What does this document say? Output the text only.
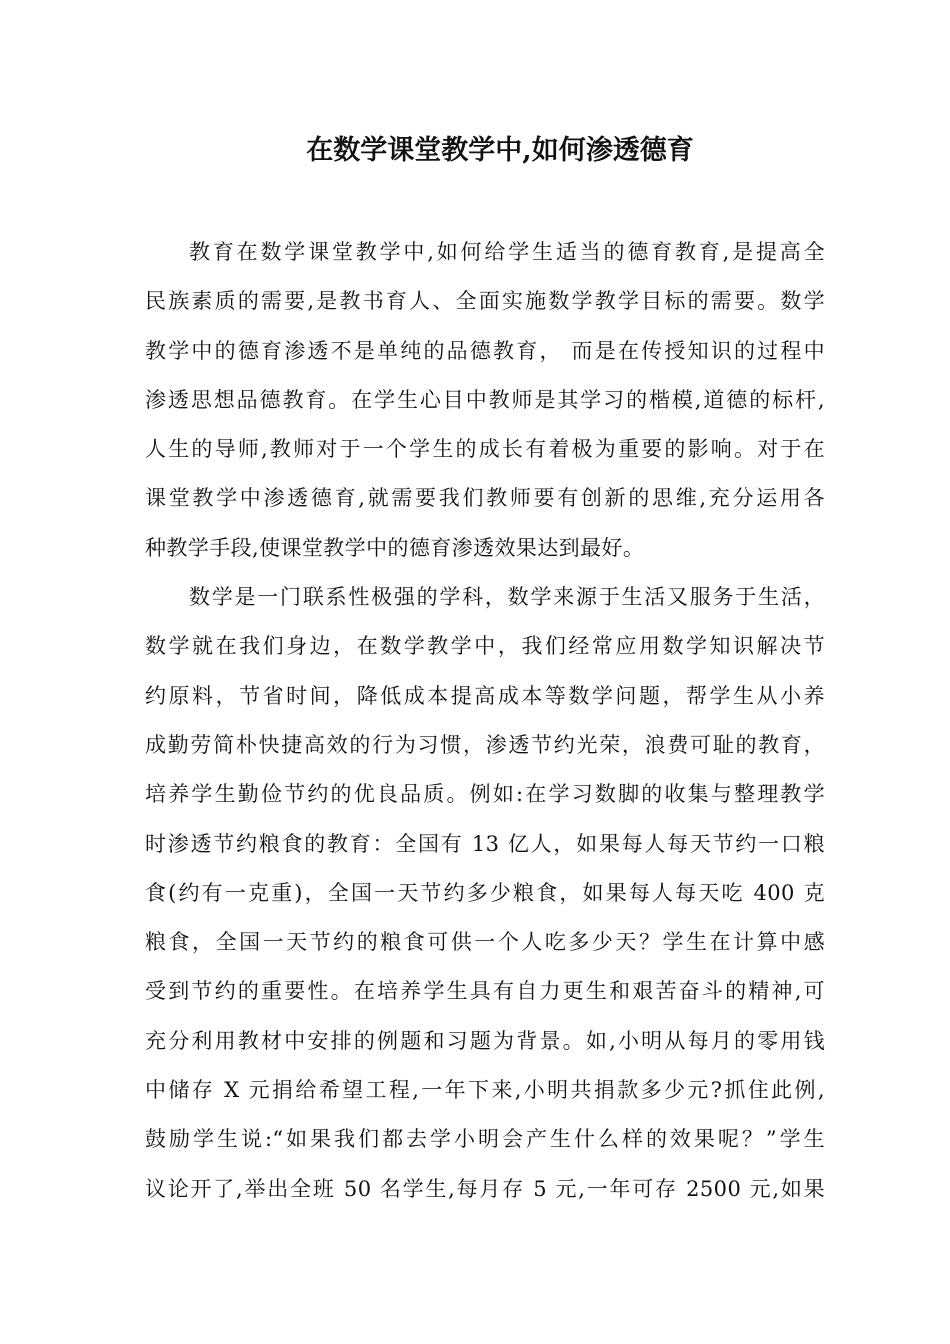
在数学课堂教学中,如何渗透德育
教育在数学课堂教学中,如何给学生适当的德育教育,是提高全
民族素质的需要,是教书育人、全面实施数学教学目标的需要。数学
教学中的德育渗透不是单纯的品德教育， 而是在传授知识的过程中
渗透思想品德教育。在学生心目中教师是其学习的楷模,道德的标杆,
人生的导师,教师对于一个学生的成长有着极为重要的影响。对于在
课堂教学中渗透德育,就需要我们教师要有创新的思维,充分运用各
种教学手段,使课堂教学中的德育渗透效果达到最好。
数学是一门联系性极强的学科，数学来源于生活又服务于生活，
数学就在我们身边，在数学教学中，我们经常应用数学知识解决节
约原料，节省时间，降低成本提高成本等数学问题，帮学生从小养
成勤劳简朴快捷高效的行为习惯，渗透节约光荣，浪费可耻的教育，
培养学生勤俭节约的优良品质。例如:在学习数脚的收集与整理教学
时渗透节约粮食的教育：全国有 13 亿人，如果每人每天节约一口粮
食(约有一克重)，全国一天节约多少粮食，如果每人每天吃 400 克
粮食，全国一天节约的粮食可供一个人吃多少天？学生在计算中感
受到节约的重要性。在培养学生具有自力更生和艰苦奋斗的精神,可
充分利用教材中安排的例题和习题为背景。如,小明从每月的零用钱
中储存 X 元捐给希望工程,一年下来,小明共捐款多少元?抓住此例,
鼓励学生说:“如果我们都去学小明会产生什么样的效果呢？”学生
议论开了,举出全班 50 名学生,每月存 5 元,一年可存 2500 元,如果
